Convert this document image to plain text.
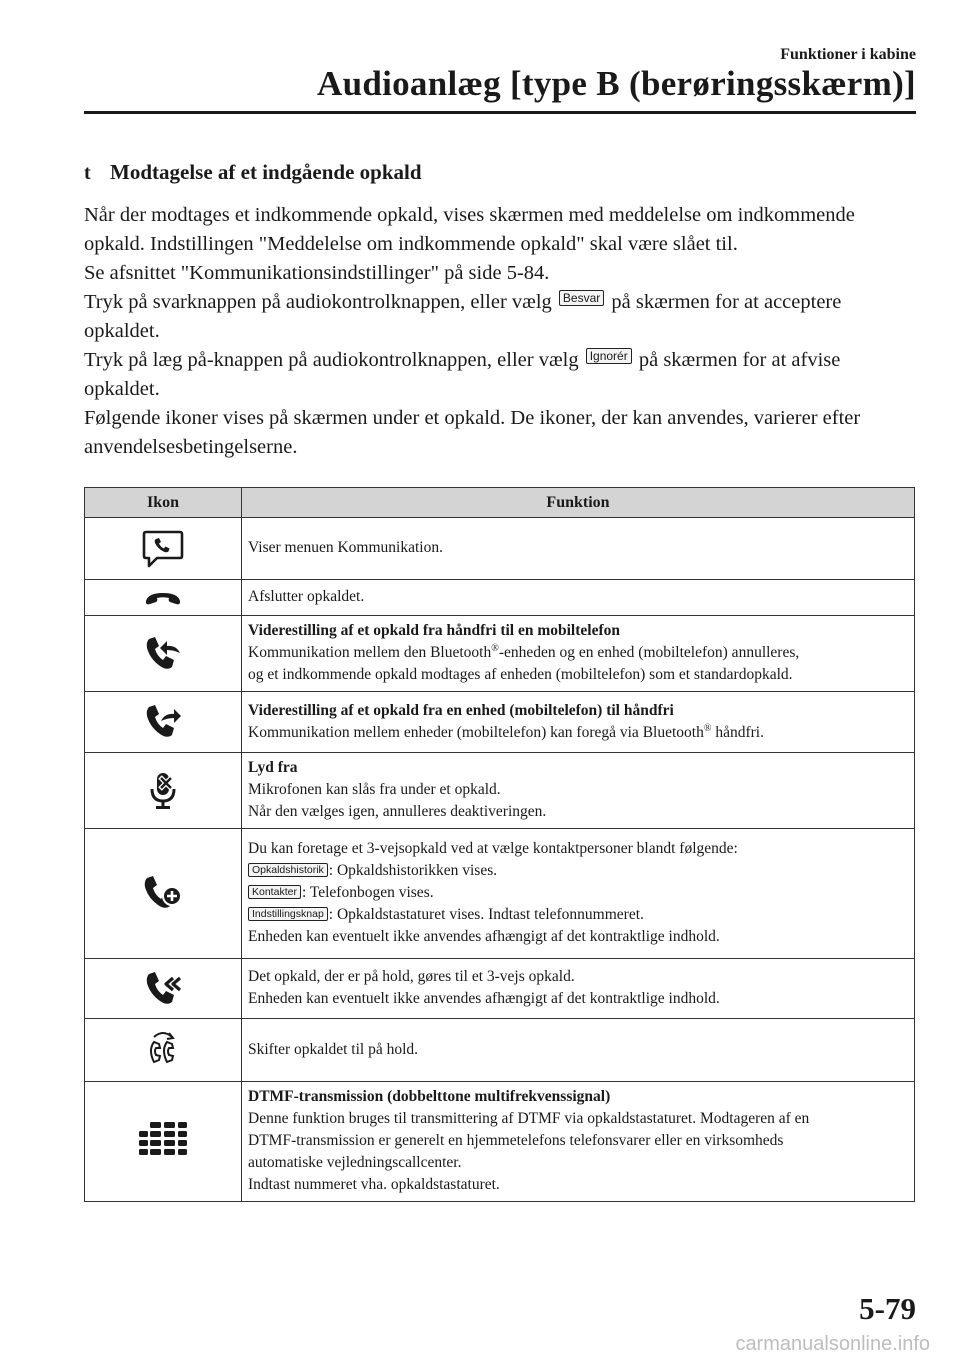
Funktioner i kabine
Audioanlæg [type B (berøringsskærm)]
t Modtagelse af et indgående opkald

Når der modtages et indkommende opkald, vises skærmen med meddelelse om indkommende opkald. Indstillingen "Meddelelse om indkommende opkald" skal være slået til.

Se afsnittet "Kommunikationsindstillinger" på side 5-84.

Tryk på svarknappen på audiokontrolknappen, eller vælg Besvar på skærmen for at acceptere opkaldet.

Tryk på læg på-knappen på audiokontrolknappen, eller vælg Ignorér på skærmen for at afvise opkaldet.

Følgende ikoner vises på skærmen under et opkald. De ikoner, der kan anvendes, varierer efter anvendelsesbetingelserne.

Ikon	Funktion

Viser menuen Kommunikation.

Afslutter opkaldet.

Viderestilling af et opkald fra håndfri til en mobiltelefon
Kommunikation mellem den Bluetooth®-enheden og en enhed (mobiltelefon) annulleres,
og et indkommende opkald modtages af enheden (mobiltelefon) som et standardopkald.

Viderestilling af et opkald fra en enhed (mobiltelefon) til håndfri
Kommunikation mellem enheder (mobiltelefon) kan foregå via Bluetooth® håndfri.

Lyd fra
Mikrofonen kan slås fra under et opkald.
Når den vælges igen, annulleres deaktiveringen.

Du kan foretage et 3-vejsopkald ved at vælge kontaktpersoner blandt følgende:
Opkaldshistorik : Opkaldshistorikken vises.
Kontakter : Telefonbogen vises.
Indstillingsknap : Opkaldstastaturet vises. Indtast telefonnummeret.
Enheden kan eventuelt ikke anvendes afhængigt af det kontraktlige indhold.

Det opkald, der er på hold, gøres til et 3-vejs opkald.
Enheden kan eventuelt ikke anvendes afhængigt af det kontraktlige indhold.

Skifter opkaldet til på hold.

DTMF-transmission (dobbelttone multifrekvenssignal)
Denne funktion bruges til transmittering af DTMF via opkaldstastaturet. Modtageren af en
DTMF-transmission er generelt en hjemmetelefons telefonsvarer eller en virksomheds
automatiske vejledningscallcenter.
Indtast nummeret vha. opkaldstastaturet.
5-79
carmanualsonline.info
